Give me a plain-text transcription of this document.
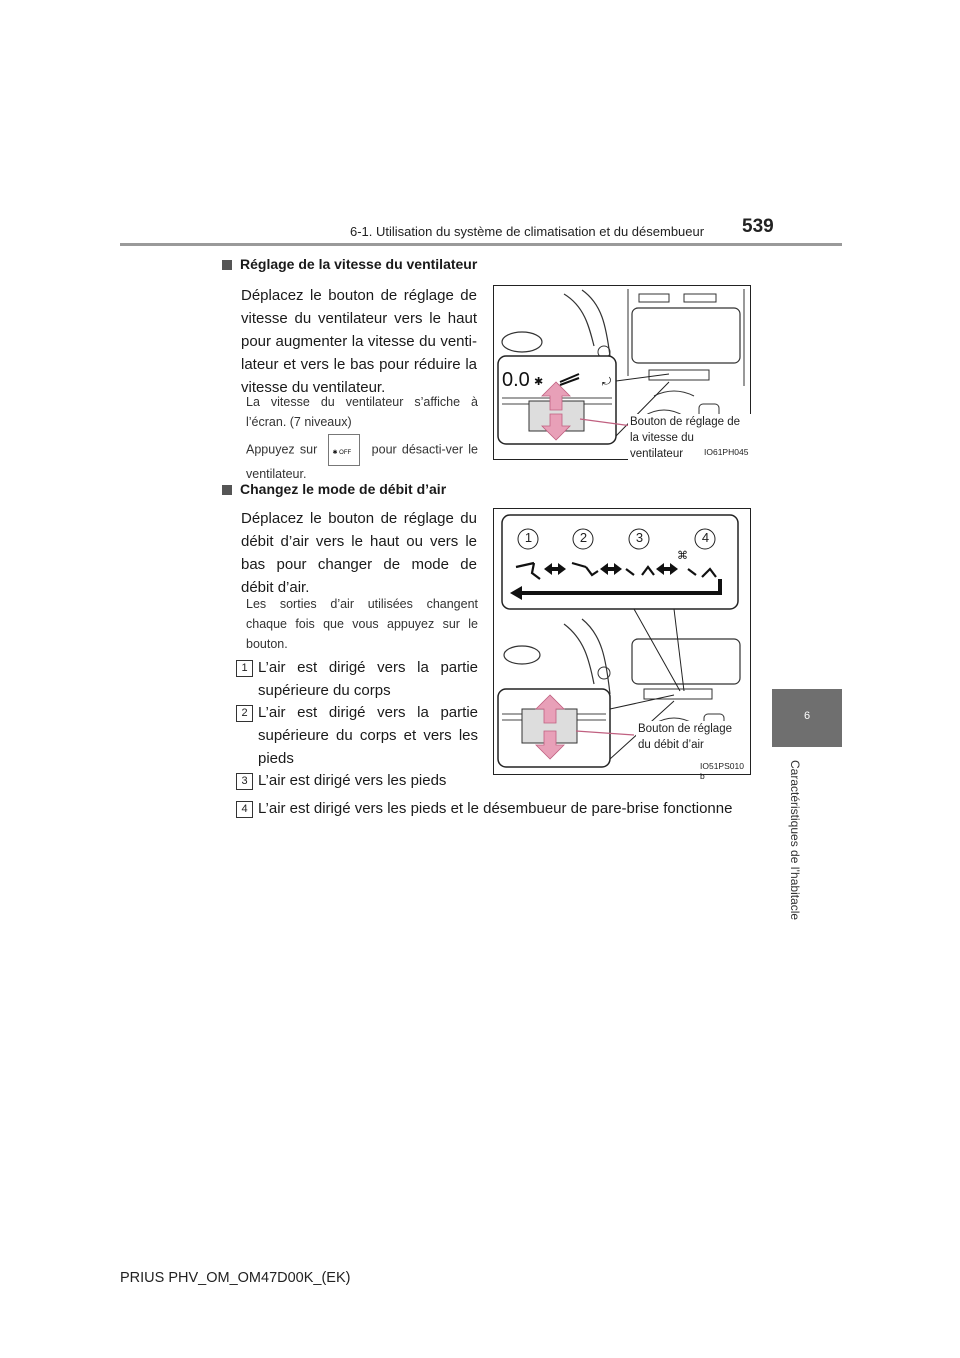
6-1. Utilisation du système de climatisation et du désembueur 539
6
Caractéristiques de l’habitacle
Réglage de la vitesse du ventilateur
Déplacez le bouton de réglage de vitesse du ventilateur vers le haut pour augmenter la vitesse du venti-lateur et vers le bas pour réduire la vitesse du ventilateur.
La vitesse du ventilateur s’affiche à l’écran. (7 niveaux)
Appuyez sur	✱ OFF pour désacti-ver le ventilateur.
0.0 ✱	⤾
Bouton de réglage de la vitesse du ventilateur	IO61PH045
Changez le mode de débit d’air
Déplacez le bouton de réglage du débit d’air vers le haut ou vers le bas pour changer de mode de débit d’air.
Les sorties d’air utilisées changent chaque fois que vous appuyez sur le bouton.
⌘
1	2	3	4
Bouton de réglage du débit d’air
IO51PS010 b
1 L’air est dirigé vers la partie supérieure du corps
2 L’air est dirigé vers la partie supérieure du corps et vers les pieds
3 L’air est dirigé vers les pieds
4 L’air est dirigé vers les pieds et le désembueur de pare-brise fonctionne
PRIUS PHV_OM_OM47D00K_(EK)
